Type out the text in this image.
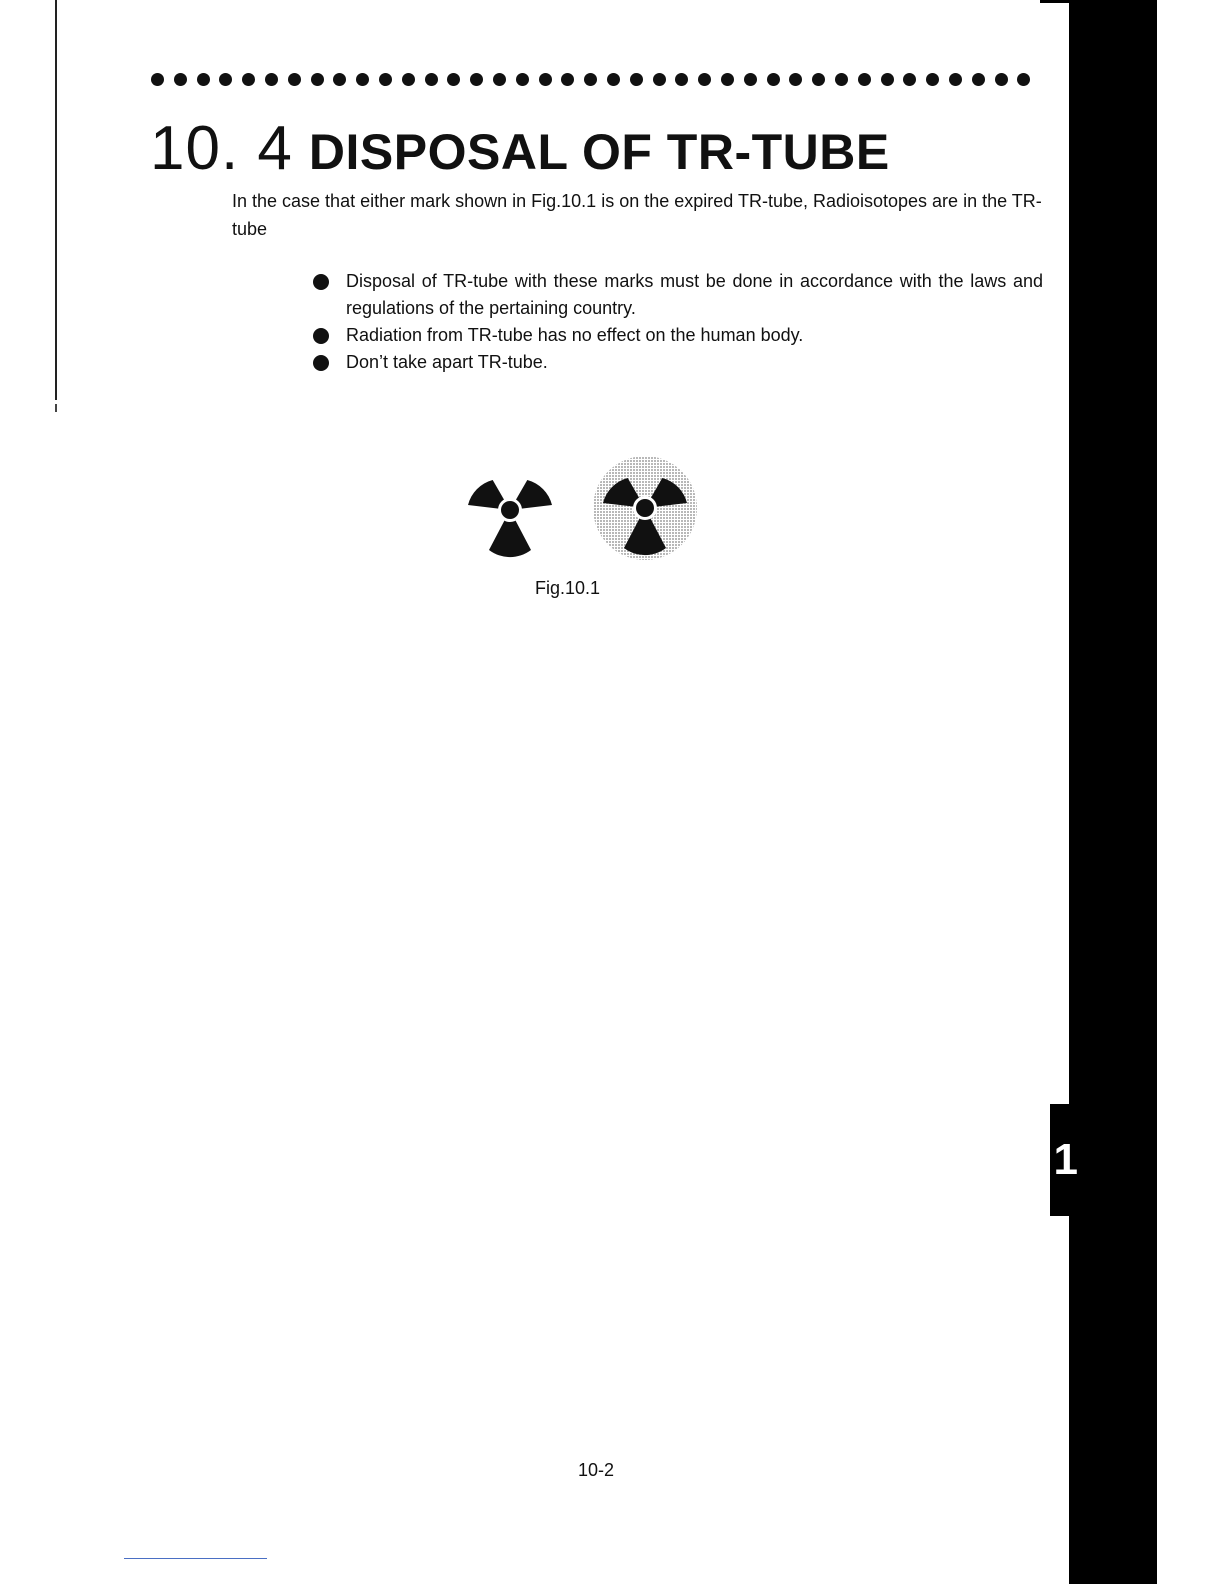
1
10. 4 DISPOSAL OF TR-TUBE

In the case that either mark shown in Fig.10.1 is on the expired TR-tube, Radioisotopes are in the TR-tube

Disposal of TR-tube with these marks must be done in accordance with the laws and regulations of the pertaining country.
Radiation from TR-tube has no effect on the human body.
Don’t take apart TR-tube.
Fig.10.1
10-2
